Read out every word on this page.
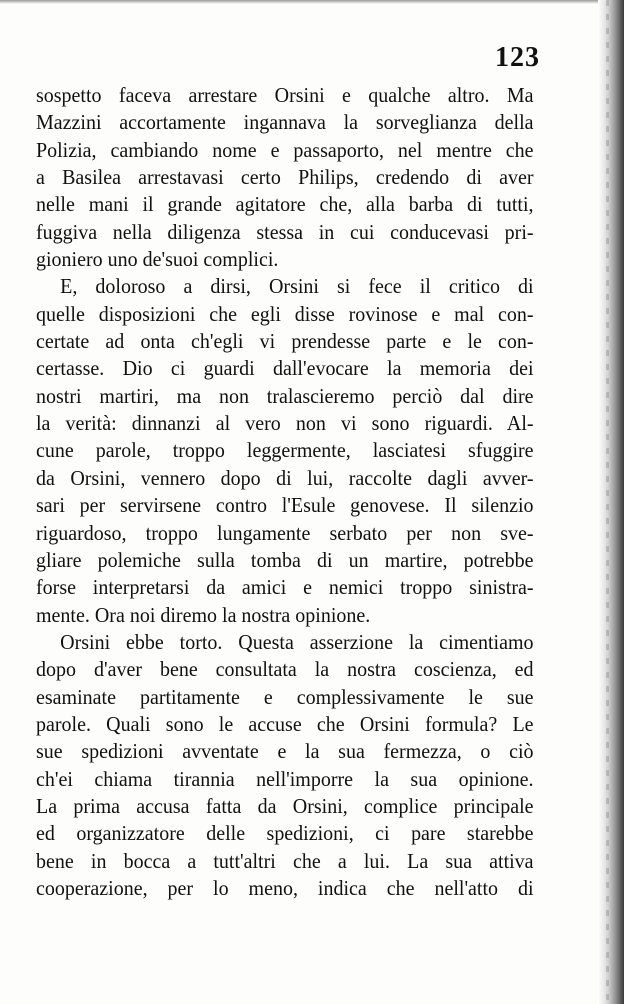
123
sospetto faceva arrestare Orsini e qualche altro. Ma
Mazzini accortamente ingannava la sorveglianza della
Polizia, cambiando nome e passaporto, nel mentre che
a Basilea arrestavasi certo Philips, credendo di aver
nelle mani il grande agitatore che, alla barba di tutti,
fuggiva nella diligenza stessa in cui conducevasi pri-
gioniero uno de'suoi complici.
E, doloroso a dirsi, Orsini si fece il critico di
quelle disposizioni che egli disse rovinose e mal con-
certate ad onta ch'egli vi prendesse parte e le con-
certasse. Dio ci guardi dall'evocare la memoria dei
nostri martiri, ma non tralascieremo perciò dal dire
la verità: dinnanzi al vero non vi sono riguardi. Al-
cune parole, troppo leggermente, lasciatesi sfuggire
da Orsini, vennero dopo di lui, raccolte dagli avver-
sari per servirsene contro l'Esule genovese. Il silenzio
riguardoso, troppo lungamente serbato per non sve-
gliare polemiche sulla tomba di un martire, potrebbe
forse interpretarsi da amici e nemici troppo sinistra-
mente. Ora noi diremo la nostra opinione.
Orsini ebbe torto. Questa asserzione la cimentiamo
dopo d'aver bene consultata la nostra coscienza, ed
esaminate partitamente e complessivamente le sue
parole. Quali sono le accuse che Orsini formula? Le
sue spedizioni avventate e la sua fermezza, o ciò
ch'ei chiama tirannia nell'imporre la sua opinione.
La prima accusa fatta da Orsini, complice principale
ed organizzatore delle spedizioni, ci pare starebbe
bene in bocca a tutt'altri che a lui. La sua attiva
cooperazione, per lo meno, indica che nell'atto di
